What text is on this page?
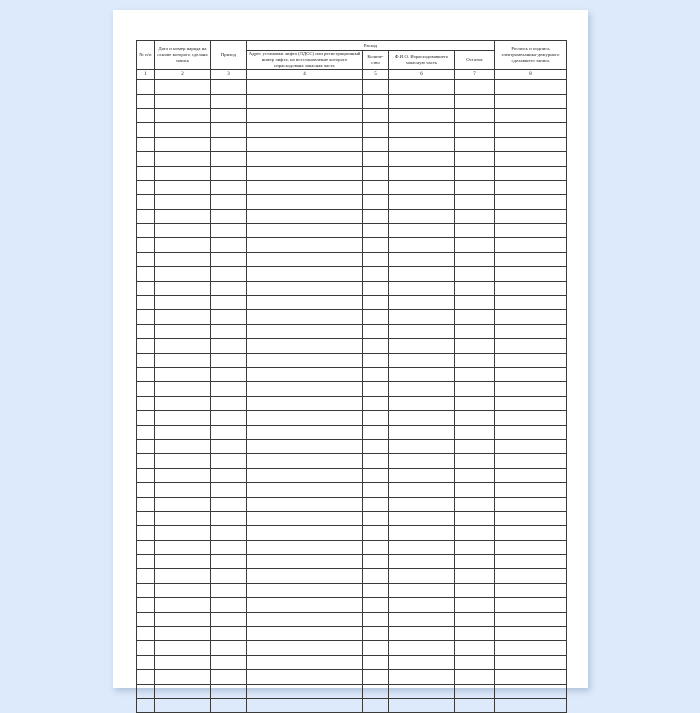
№ п/п	Дата и номер наряда на основе которого сделана запись	Приход	Расход				Роспись и подпись электромеханика-дежурного сделавшего запись
			Адрес установки лифта (ЛДСС) или регистрационный номер лифта, на восстановление которого израсходована запасная часть	Количе-ство	Ф.И.О. Израсходовавшего запасную часть	Остаток	
1	2	3	4	5	6	7	8
